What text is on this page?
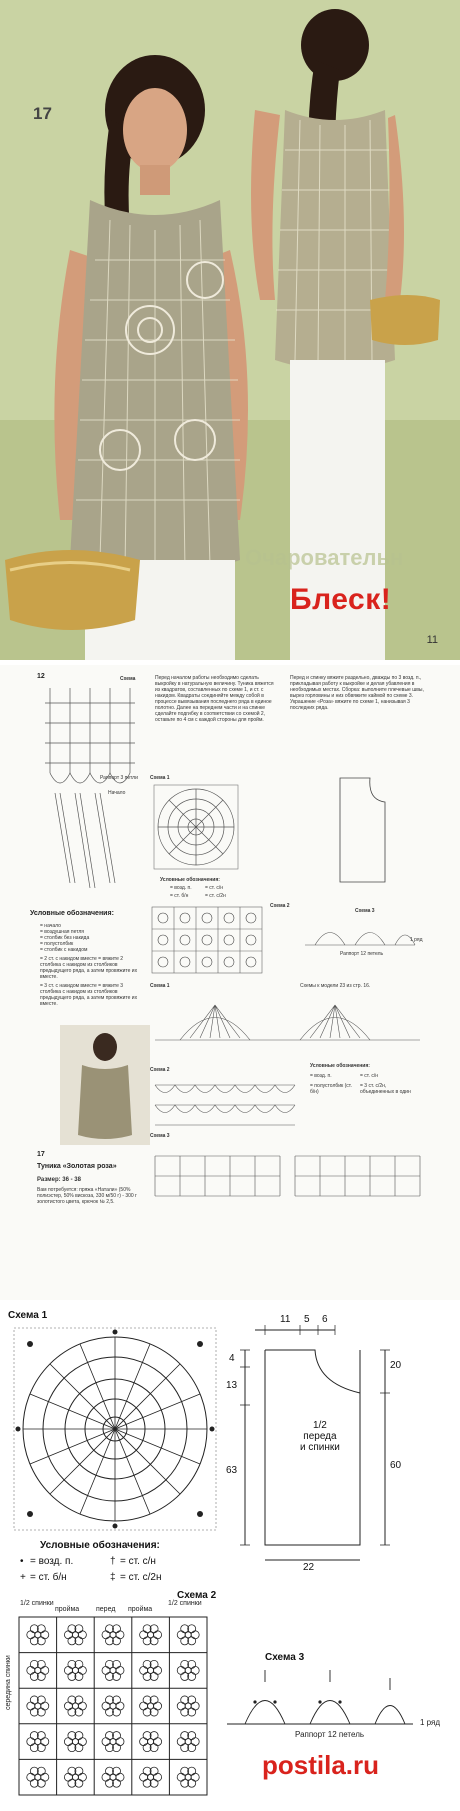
17
Очаровательн
Блеск!
11
12	Схема
Раппорт 3 петли
Начало
Условные обозначения:
= начало
= воздушная петля
= столбик без накида
= полустолбик
= столбик с накидом
= 2 ст. с накидом вместе = вяжите 2 столбика с накидом из столбиков предыдущего ряда, а затем провяжите их вместе.
= 3 ст. с накидом вместе = вяжите 3 столбика с накидом из столбиков предыдущего ряда, а затем провяжите их вместе.
17
Туника «Золотая роза»
Размер: 36 - 38
Вам потребуется: пряжа «Натали» (50% полиэстер, 50% вискоза, 330 м/50 г) - 300 г золотистого цвета, крючок № 2,5.
Перед началом работы необходимо сделать выкройку в натуральную величину. Туника вяжется из квадратов, составленных по схеме 1, и ст. с накидом. Квадраты соединяйте между собой в процессе вывязывания последнего ряда в единое полотно. Далее на переднем части и на спинке сделайте подгибку в соответствии со схемой 2, оставьте по 4 см с каждой стороны для пройм.
Перед и спинку вяжите раздельно, дважды по 3 возд. п., прикладывая работу к выкройке и делая убавления в необходимых местах. Сборка: выполните плечевые швы, вырез горловины и низ обвяжите каймой по схеме 3. Украшение «Роза» вяжите по схеме 1, нанизывая 3 последних ряда.
Схема 1
Условные обозначения:
= возд. п.	= ст. с/н
= ст. б/н	= ст. с/2н
Схема 2
Схема 3
Раппорт 12 петель
1 ряд
Схема 1	Схемы к модели 23 из стр. 16.
Условные обозначения:
= возд. п.	= ст. с/н
= полустолбик (ст. б/н)
= 3 ст. с/2н, объединенных в один
Схема 2
Схема 3
Схема 1	11 5 6
4
13
63
20
60
22
1/2
переда
и спинки
Условные обозначения:
• = возд. п.	† = ст. с/н
+ = ст. б/н	‡ = ст. с/2н
Схема 2
1/2 спинки
пройма перед пройма
1/2 спинки
середина спинки	Схема 3
Раппорт 12 петель
1 ряд
postila.ru
